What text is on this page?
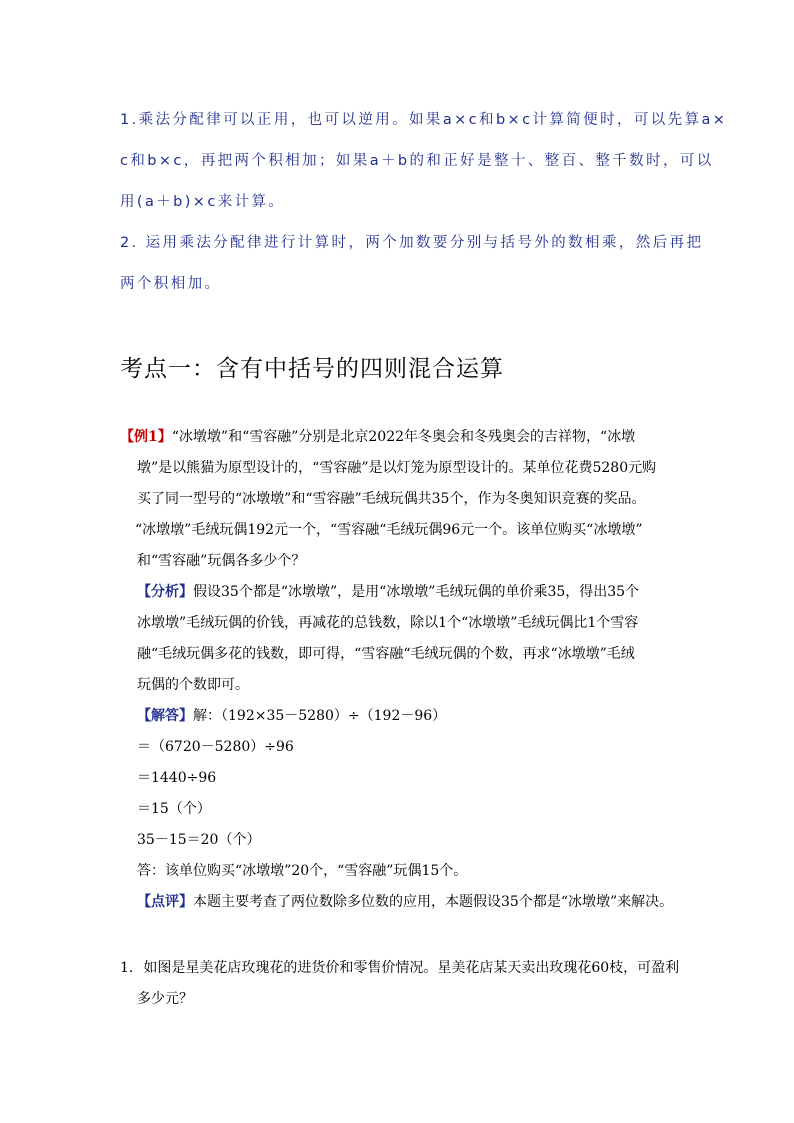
1.乘法分配律可以正用，也可以逆用。如果a×c和b×c计算简便时，可以先算a×
c和b×c，再把两个积相加；如果a＋b的和正好是整十、整百、整千数时，可以
用(a＋b)×c来计算。
2. 运用乘法分配律进行计算时，两个加数要分别与括号外的数相乘，然后再把
两个积相加。
考点一：含有中括号的四则混合运算
【例1】“冰墩墩”和“雪容融”分别是北京2022年冬奥会和冬残奥会的吉祥物，“冰墩
墩”是以熊猫为原型设计的，“雪容融”是以灯笼为原型设计的。某单位花费5280元购
买了同一型号的“冰墩墩”和“雪容融”毛绒玩偶共35个，作为冬奥知识竞赛的奖品。
“冰墩墩”毛绒玩偶192元一个，“雪容融“毛绒玩偶96元一个。该单位购买“冰墩墩”
和“雪容融”玩偶各多少个？
【分析】假设35个都是“冰墩墩”，是用“冰墩墩”毛绒玩偶的单价乘35，得出35个
冰墩墩”毛绒玩偶的价钱，再减花的总钱数，除以1个“冰墩墩”毛绒玩偶比1个雪容
融“毛绒玩偶多花的钱数，即可得，“雪容融“毛绒玩偶的个数，再求“冰墩墩”毛绒
玩偶的个数即可。
【解答】解：（192×35－5280）÷（192－96）
＝（6720－5280）÷96
＝1440÷96
＝15（个）
35－15＝20（个）
答：该单位购买“冰墩墩”20个，“雪容融”玩偶15个。
【点评】本题主要考查了两位数除多位数的应用，本题假设35个都是“冰墩墩”来解决。
1. 如图是星美花店玫瑰花的进货价和零售价情况。星美花店某天卖出玫瑰花60枝，可盈利
多少元？
